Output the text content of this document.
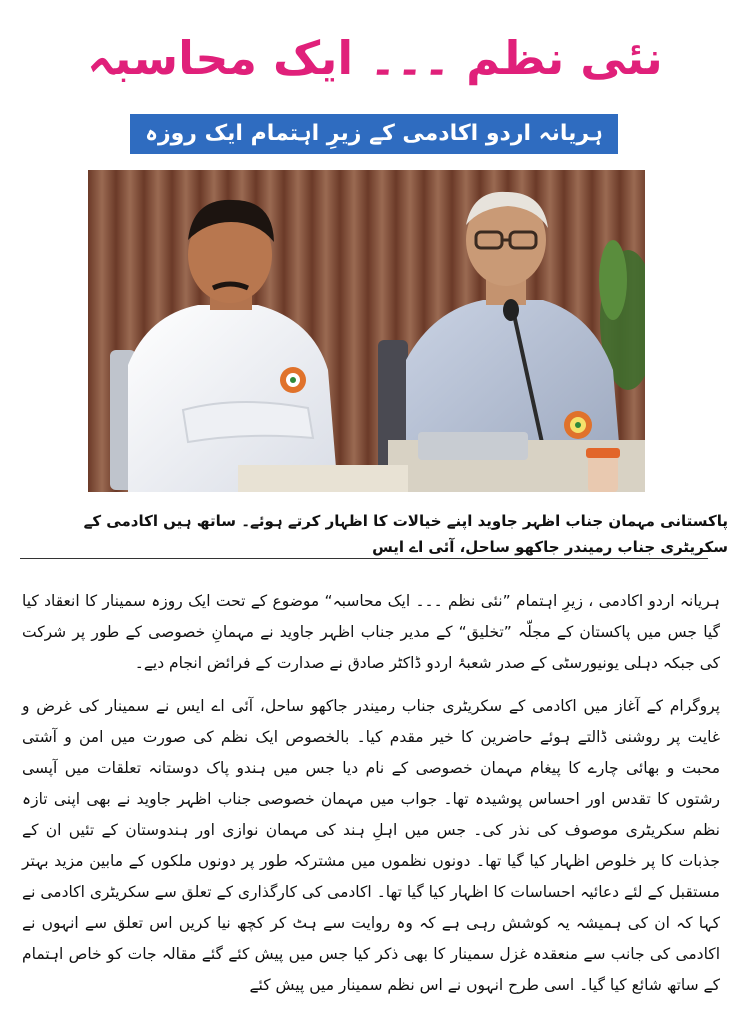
نئی نظم ۔۔۔ ایک محاسبہ
ہریانہ اردو اکادمی کے زیرِ اہتمام ایک روزہ
پاکستانی مہمان جناب اظہر جاوید اپنے خیالات کا اظہار کرتے ہوئے۔ ساتھ ہیں اکادمی کے سکریٹری جناب رمیندر جاکھو ساحل، آئی اے ایس

ہریانہ اردو اکادمی ، زیرِ اہتمام ”نئی نظم ۔۔۔ ایک محاسبہ“ موضوع کے تحت ایک روزہ سمینار کا انعقاد کیا گیا جس میں پاکستان کے مجلّہ ”تخلیق“ کے مدیر جناب اظہر جاوید نے مہمانِ خصوصی کے طور پر شرکت کی جبکہ دہلی یونیورسٹی کے صدر شعبۂ اردو ڈاکٹر صادق نے صدارت کے فرائض انجام دیے۔

پروگرام کے آغاز میں اکادمی کے سکریٹری جناب رمیندر جاکھو ساحل، آئی اے ایس نے سمینار کی غرض و غایت پر روشنی ڈالتے ہوئے حاضرین کا خیر مقدم کیا۔ بالخصوص ایک نظم کی صورت میں امن و آشتی محبت و بھائی چارے کا پیغام مہمان خصوصی کے نام دیا جس میں ہندو پاک دوستانہ تعلقات میں آپسی رشتوں کا تقدس اور احساس پوشیدہ تھا۔ جواب میں مہمان خصوصی جناب اظہر جاوید نے بھی اپنی تازہ نظم سکریٹری موصوف کی نذر کی۔ جس میں اہلِ ہند کی مہمان نوازی اور ہندوستان کے تئیں ان کے جذبات کا پر خلوص اظہار کیا گیا تھا۔ دونوں نظموں میں مشترکہ طور پر دونوں ملکوں کے مابین مزید بہتر مستقبل کے لئے دعائیہ احساسات کا اظہار کیا گیا تھا۔ اکادمی کی کارگذاری کے تعلق سے سکریٹری اکادمی نے کہا کہ ان کی ہمیشہ یہ کوشش رہی ہے کہ وہ روایت سے ہٹ کر کچھ نیا کریں اس تعلق سے انہوں نے اکادمی کی جانب سے منعقدہ غزل سمینار کا بھی ذکر کیا جس میں پیش کئے گئے مقالہ جات کو خاص اہتمام کے ساتھ شائع کیا گیا۔ اسی طرح انہوں نے اس نظم سمینار میں پیش کئے
